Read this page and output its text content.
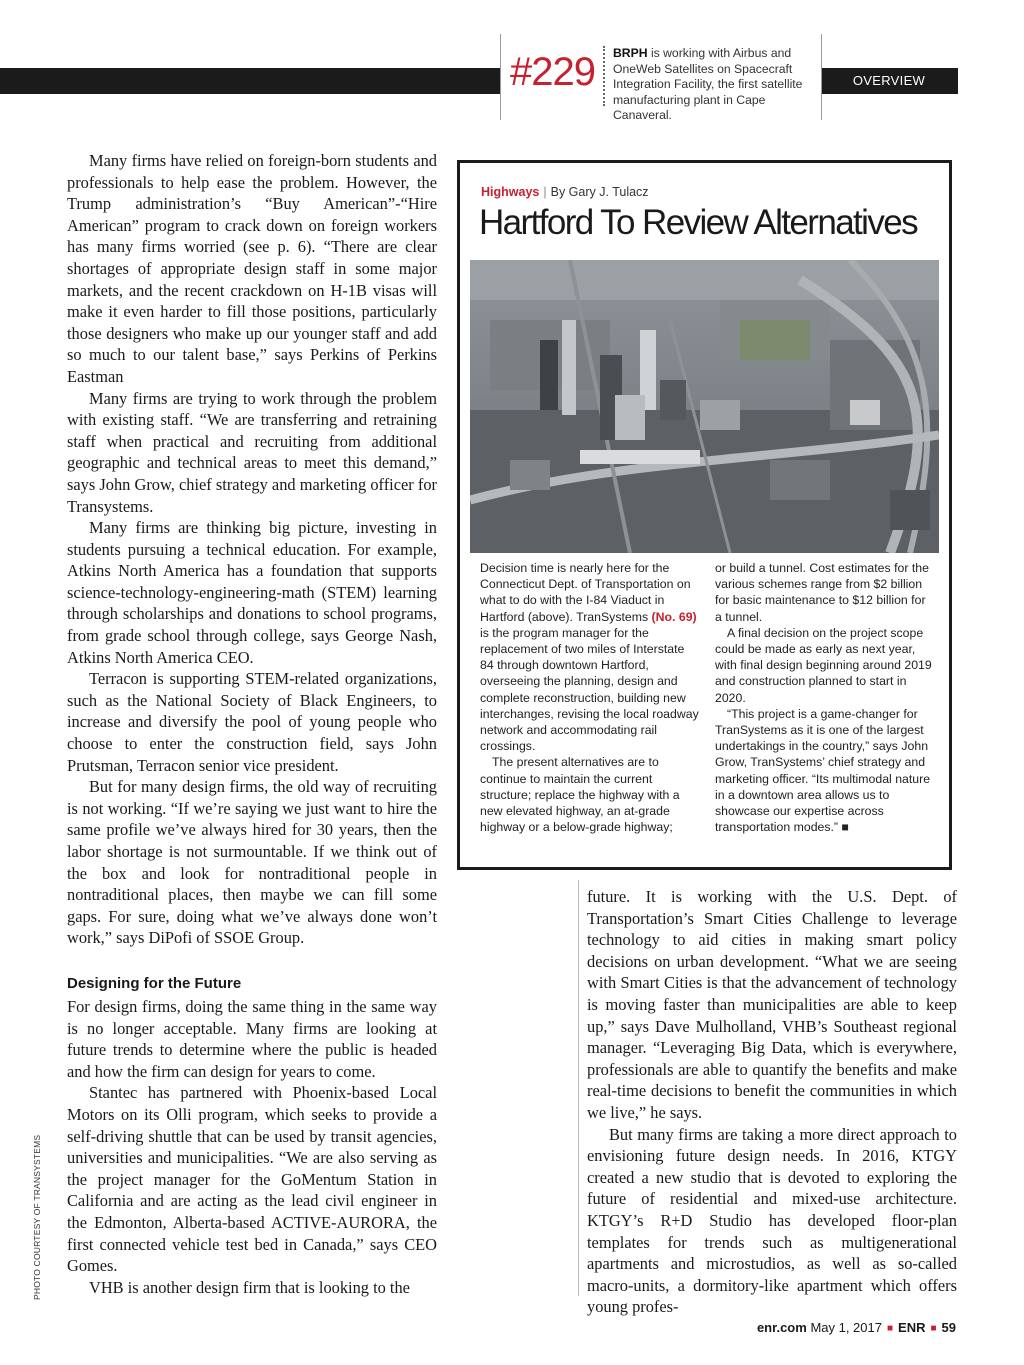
OVERVIEW
#229 BRPH is working with Airbus and OneWeb Satellites on Spacecraft Integration Facility, the first satellite manufacturing plant in Cape Canaveral.

Many firms have relied on foreign-born students and professionals to help ease the problem. However, the Trump administration’s “Buy American”-“Hire American” program to crack down on foreign workers has many firms worried (see p. 6). “There are clear shortages of appropriate design staff in some major markets, and the recent crackdown on H-1B visas will make it even harder to fill those positions, particularly those designers who make up our younger staff and add so much to our talent base,” says Perkins of Perkins Eastman

Many firms are trying to work through the problem with existing staff. “We are transferring and retraining staff when practical and recruiting from additional geographic and technical areas to meet this demand,” says John Grow, chief strategy and marketing officer for Transystems.

Many firms are thinking big picture, investing in students pursuing a technical education. For example, Atkins North America has a foundation that supports science-technology-engineering-math (STEM) learning through scholarships and donations to school programs, from grade school through college, says George Nash, Atkins North America CEO.

Terracon is supporting STEM-related organizations, such as the National Society of Black Engineers, to increase and diversify the pool of young people who choose to enter the construction field, says John Prutsman, Terracon senior vice president.

But for many design firms, the old way of recruiting is not working. “If we’re saying we just want to hire the same profile we’ve always hired for 30 years, then the labor shortage is not surmountable. If we think out of the box and look for nontraditional people in nontraditional places, then maybe we can fill some gaps. For sure, doing what we’ve always done won’t work,” says DiPofi of SSOE Group.

Designing for the Future

For design firms, doing the same thing in the same way is no longer acceptable. Many firms are looking at future trends to determine where the public is headed and how the firm can design for years to come.

Stantec has partnered with Phoenix-based Local Motors on its Olli program, which seeks to provide a self-driving shuttle that can be used by transit agencies, universities and municipalities. “We are also serving as the project manager for the GoMentum Station in California and are acting as the lead civil engineer in the Edmonton, Alberta-based ACTIVE-AURORA, the first connected vehicle test bed in Canada,” says CEO Gomes.

VHB is another design firm that is looking to the

future. It is working with the U.S. Dept. of Transportation’s Smart Cities Challenge to leverage technology to aid cities in making smart policy decisions on urban development. “What we are seeing with Smart Cities is that the advancement of technology is moving faster than municipalities are able to keep up,” says Dave Mulholland, VHB’s Southeast regional manager. “Leveraging Big Data, which is everywhere, professionals are able to quantify the benefits and make real-time decisions to benefit the communities in which we live,” he says.

But many firms are taking a more direct approach to envisioning future design needs. In 2016, KTGY created a new studio that is devoted to exploring the future of residential and mixed-use architecture. KTGY’s R+D Studio has developed floor-plan templates for trends such as multigenerational apartments and microstudios, as well as so-called macro-units, a dormitory-like apartment which offers young profes-

Highways | By Gary J. Tulacz
Hartford To Review Alternatives

Decision time is nearly here for the Connecticut Dept. of Transportation on what to do with the I-84 Viaduct in Hartford (above). TranSystems (No. 69) is the program manager for the replacement of two miles of Interstate 84 through downtown Hartford, overseeing the planning, design and complete reconstruction, building new interchanges, revising the local roadway network and accommodating rail crossings.

The present alternatives are to continue to maintain the current structure; replace the highway with a new elevated highway, an at-grade highway or a below-grade highway;

or build a tunnel. Cost estimates for the various schemes range from $2 billion for basic maintenance to $12 billion for a tunnel.

A final decision on the project scope could be made as early as next year, with final design beginning around 2019 and construction planned to start in 2020.

“This project is a game-changer for TranSystems as it is one of the largest undertakings in the country,” says John Grow, TranSystems’ chief strategy and marketing officer. “Its multimodal nature in a downtown area allows us to showcase our expertise across transportation modes.” ■

PHOTO COURTESY OF TRANSYSTEMS
enr.com May 1, 2017 ■ ENR ■ 59
